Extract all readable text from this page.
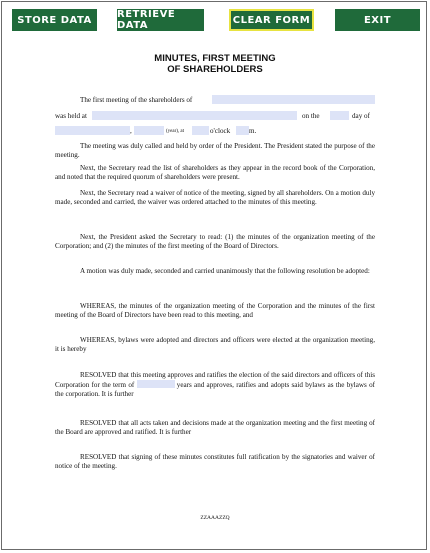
STORE DATA	RETRIEVE DATA	CLEAR FORM	EXIT
MINUTES, FIRST MEETING
OF SHAREHOLDERS
The first meeting of the shareholders of
was held at	on the	day of
,	(year), at	o'clock	m.
The meeting was duly called and held by order of the President. The President stated the purpose of the meeting.
Next, the Secretary read the list of shareholders as they appear in the record book of the Corporation, and noted that the required quorum of shareholders were present.
Next, the Secretary read a waiver of notice of the meeting, signed by all shareholders. On a motion duly made, seconded and carried, the waiver was ordered attached to the minutes of this meeting.
Next, the President asked the Secretary to read: (1) the minutes of the organization meeting of the Corporation; and (2) the minutes of the first meeting of the Board of Directors.
A motion was duly made, seconded and carried unanimously that the following resolution be adopted:
WHEREAS, the minutes of the organization meeting of the Corporation and the minutes of the first meeting of the Board of Directors have been read to this meeting, and
WHEREAS, bylaws were adopted and directors and officers were elected at the organization meeting, it is hereby
RESOLVED that this meeting approves and ratifies the election of the said directors and officers of this Corporation for the term of	years and approves, ratifies and adopts said bylaws as the bylaws of the corporation. It is further
RESOLVED that all acts taken and decisions made at the organization meeting and the first meeting of the Board are approved and ratified. It is further
RESOLVED that signing of these minutes constitutes full ratification by the signatories and waiver of notice of the meeting.
ZZAAAZZQ
